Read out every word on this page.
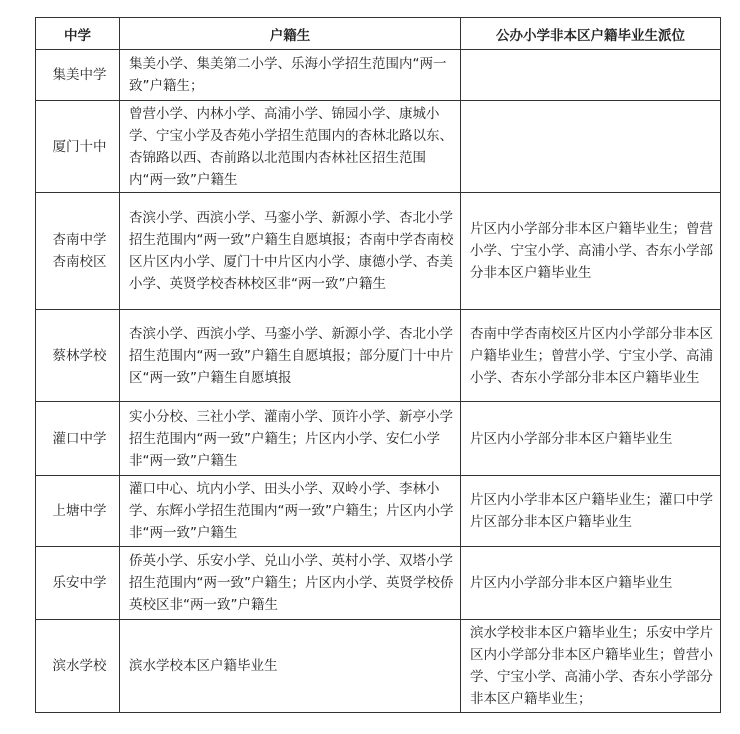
中学	户籍生	公办小学非本区户籍毕业生派位

集美中学	集美小学、集美第二小学、乐海小学招生范围内“两一致”户籍生；	

厦门十中	曾营小学、内林小学、高浦小学、锦园小学、康城小学、宁宝小学及杏苑小学招生范围内的杏林北路以东、杏锦路以西、杏前路以北范围内杏林社区招生范围内“两一致”户籍生	

杏南中学
杏南校区	杏滨小学、西滨小学、马銮小学、新源小学、杏北小学招生范围内“两一致”户籍生自愿填报；杏南中学杏南校区片区内小学、厦门十中片区内小学、康德小学、杏美小学、英贤学校杏林校区非“两一致”户籍生	片区内小学部分非本区户籍毕业生；曾营小学、宁宝小学、高浦小学、杏东小学部分非本区户籍毕业生

蔡林学校	杏滨小学、西滨小学、马銮小学、新源小学、杏北小学招生范围内“两一致”户籍生自愿填报；部分厦门十中片区“两一致”户籍生自愿填报	杏南中学杏南校区片区内小学部分非本区户籍毕业生；曾营小学、宁宝小学、高浦小学、杏东小学部分非本区户籍毕业生

灌口中学	实小分校、三社小学、灌南小学、顶许小学、新亭小学招生范围内“两一致”户籍生；片区内小学、安仁小学非“两一致”户籍生	片区内小学部分非本区户籍毕业生

上塘中学	灌口中心、坑内小学、田头小学、双岭小学、李林小学、东辉小学招生范围内“两一致”户籍生；片区内小学非“两一致”户籍生	片区内小学非本区户籍毕业生；灌口中学片区部分非本区户籍毕业生

乐安中学	侨英小学、乐安小学、兑山小学、英村小学、双塔小学招生范围内“两一致”户籍生；片区内小学、英贤学校侨英校区非“两一致”户籍生	片区内小学部分非本区户籍毕业生

滨水学校	滨水学校本区户籍毕业生	滨水学校非本区户籍毕业生；乐安中学片区内小学部分非本区户籍毕业生；曾营小学、宁宝小学、高浦小学、杏东小学部分非本区户籍毕业生；
